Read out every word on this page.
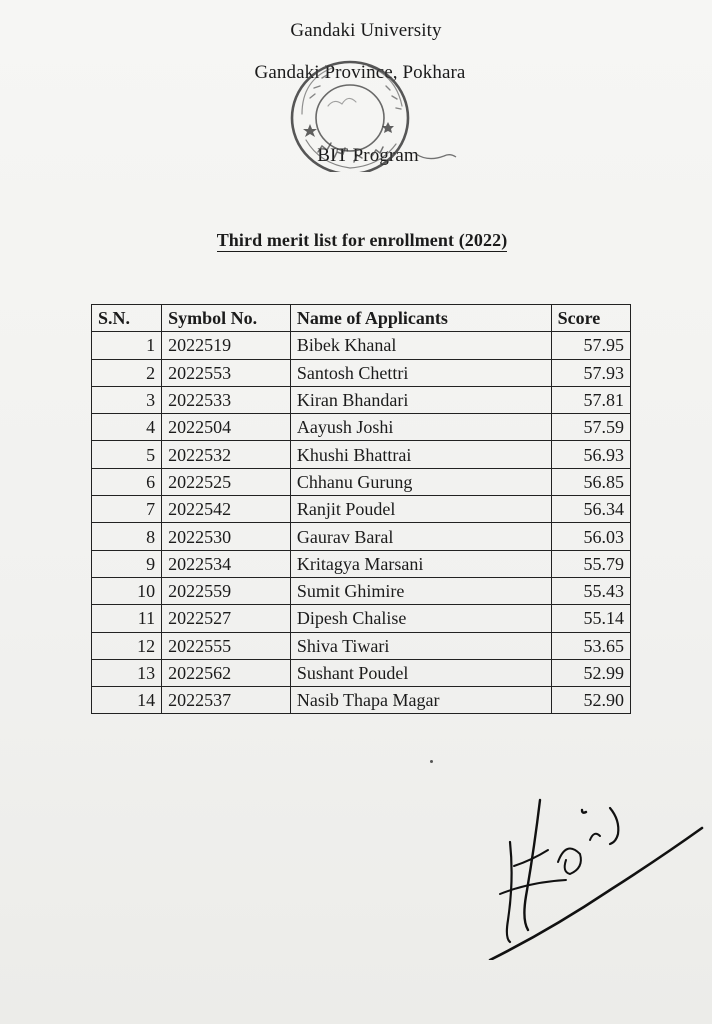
Gandaki University
Gandaki Province, Pokhara
BIT Program
Third merit list for enrollment (2022)
S.N.	Symbol No.	Name of Applicants	Score
1	2022519	Bibek Khanal	57.95
2	2022553	Santosh Chettri	57.93
3	2022533	Kiran Bhandari	57.81
4	2022504	Aayush Joshi	57.59
5	2022532	Khushi Bhattrai	56.93
6	2022525	Chhanu Gurung	56.85
7	2022542	Ranjit Poudel	56.34
8	2022530	Gaurav Baral	56.03
9	2022534	Kritagya Marsani	55.79
10	2022559	Sumit Ghimire	55.43
11	2022527	Dipesh Chalise	55.14
12	2022555	Shiva Tiwari	53.65
13	2022562	Sushant Poudel	52.99
14	2022537	Nasib Thapa Magar	52.90
